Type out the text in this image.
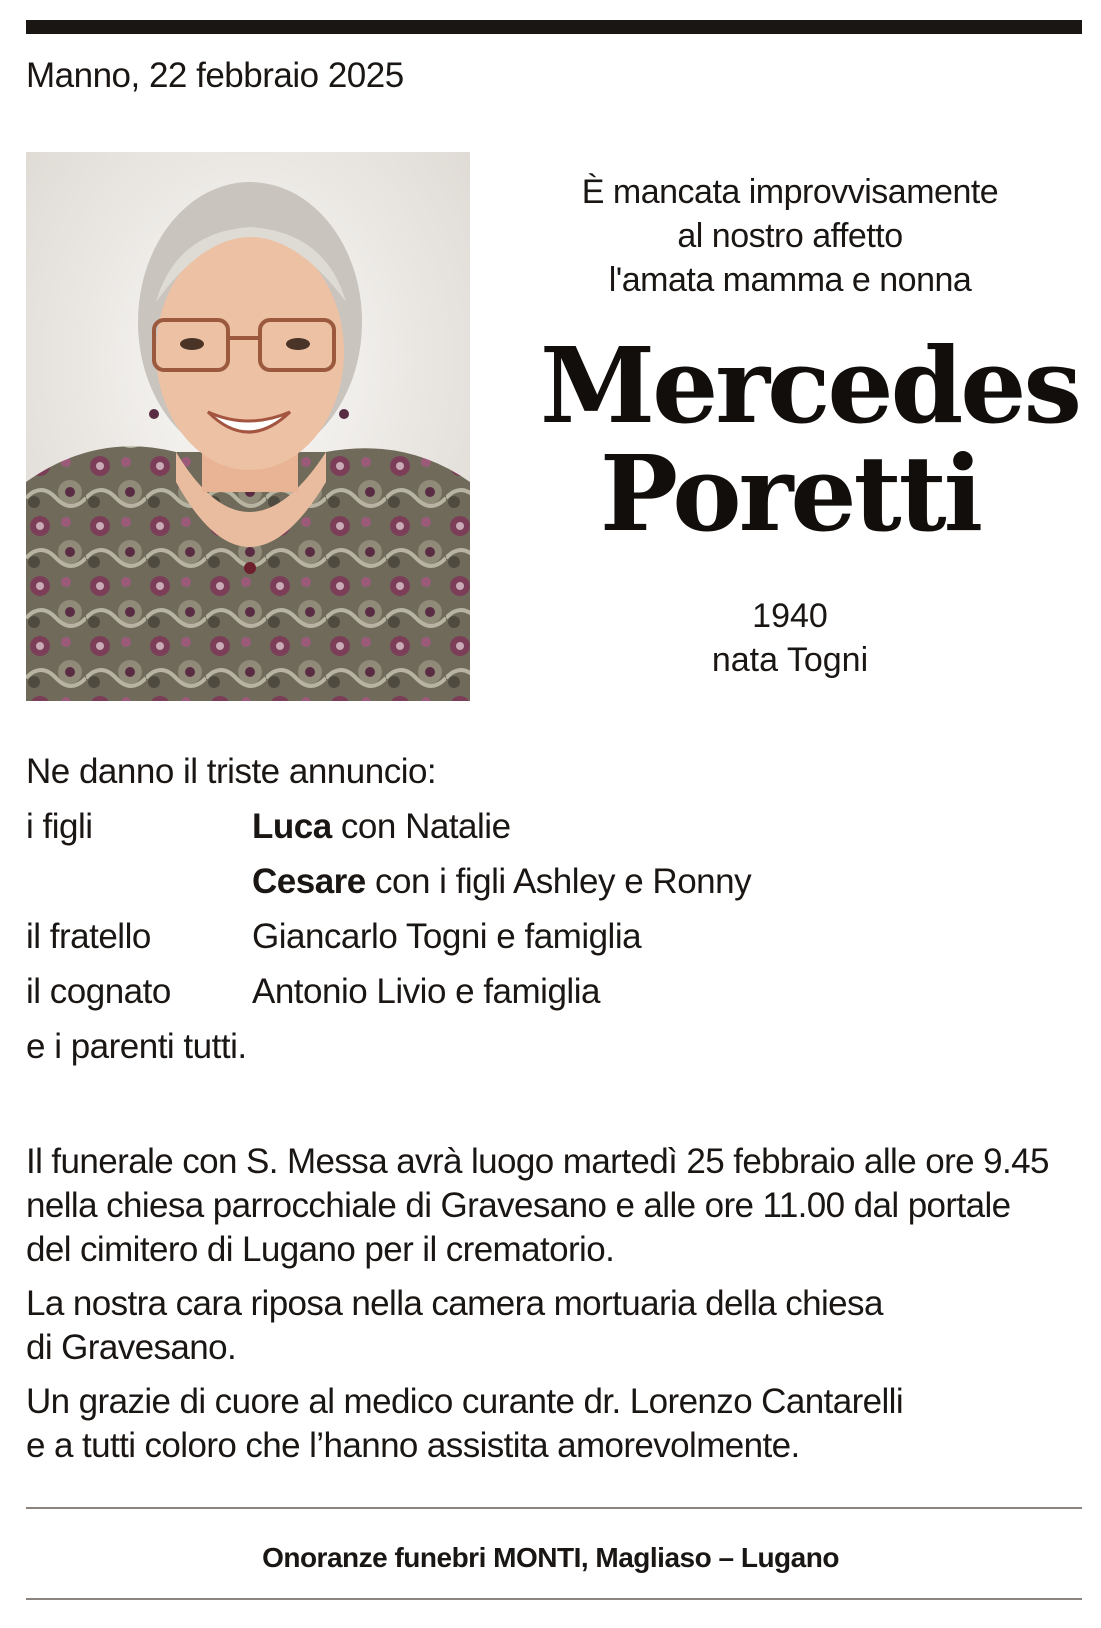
Manno, 22 febbraio 2025
È mancata improvvisamente
al nostro affetto
l'amata mamma e nonna
Mercedes
Poretti
1940
nata Togni
Ne danno il triste annuncio:
i figli	Luca con Natalie
Cesare con i figli Ashley e Ronny
il fratello	Giancarlo Togni e famiglia
il cognato	Antonio Livio e famiglia
e i parenti tutti.

Il funerale con S. Messa avrà luogo martedì 25 febbraio alle ore 9.45
nella chiesa parrocchiale di Gravesano e alle ore 11.00 dal portale
del cimitero di Lugano per il crematorio.

La nostra cara riposa nella camera mortuaria della chiesa
di Gravesano.

Un grazie di cuore al medico curante dr. Lorenzo Cantarelli
e a tutti coloro che l’hanno assistita amorevolmente.

Onoranze funebri MONTI, Magliaso – Lugano
